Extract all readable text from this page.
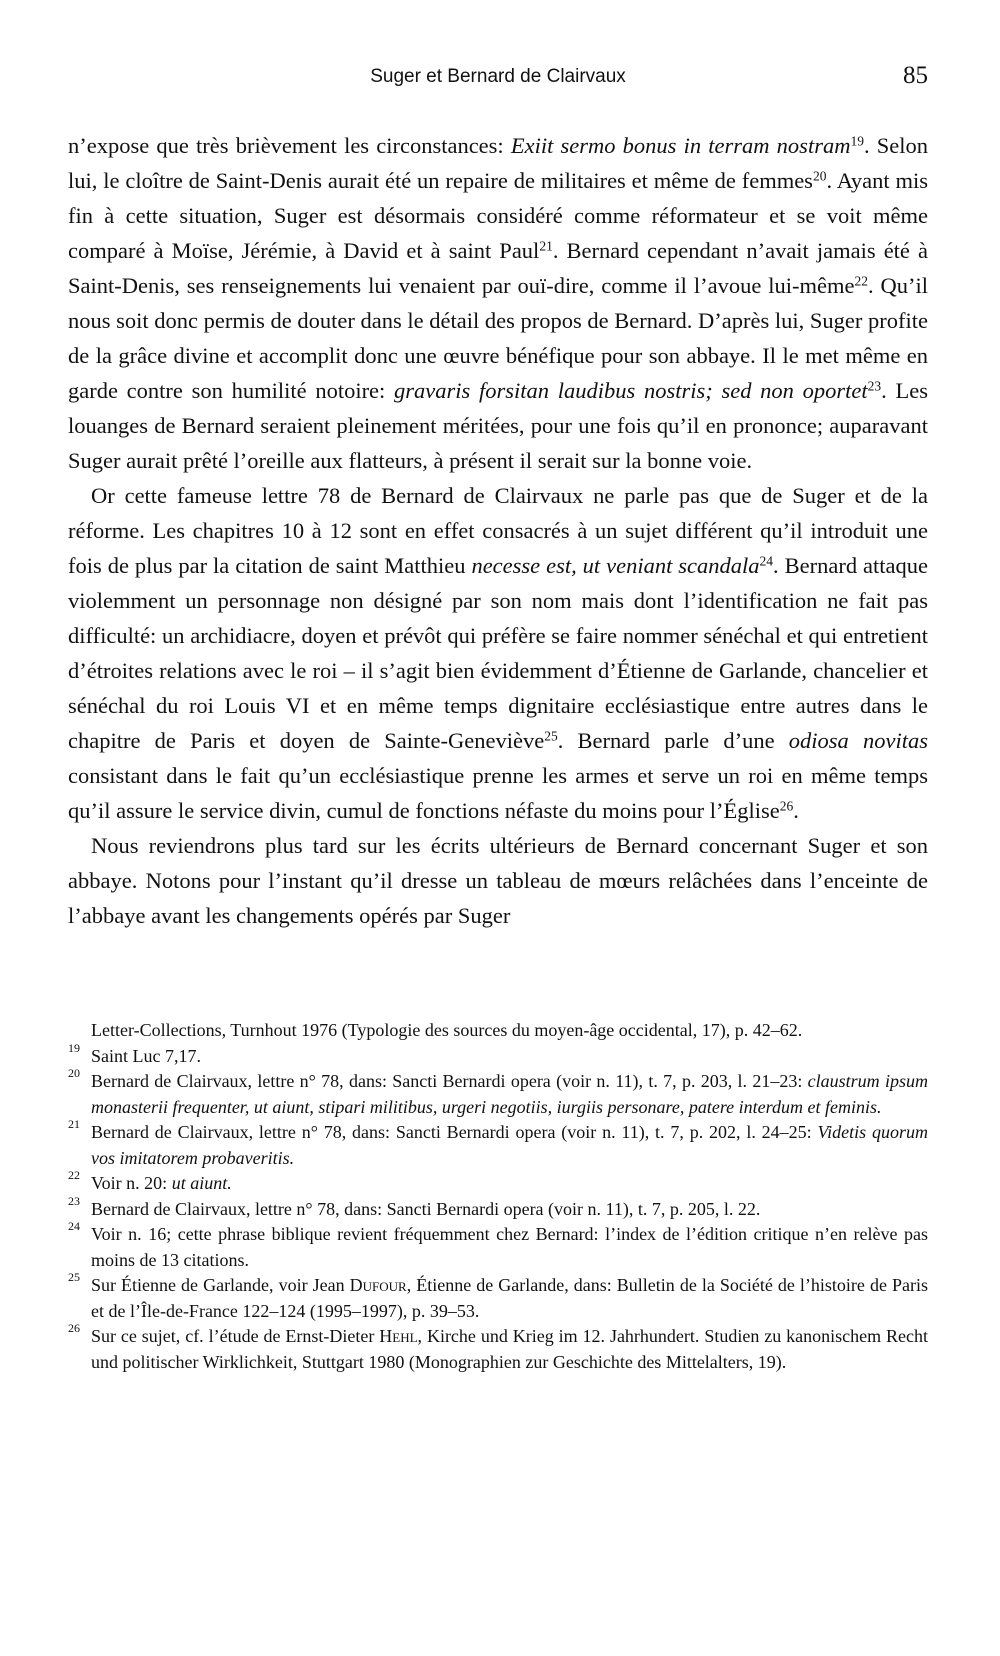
Suger et Bernard de Clairvaux	85

n’expose que très brièvement les circonstances: Exiit sermo bonus in terram nostram$^{19}$. Selon lui, le cloître de Saint-Denis aurait été un repaire de militaires et même de femmes$^{20}$. Ayant mis fin à cette situation, Suger est désormais considéré comme réformateur et se voit même comparé à Moïse, Jérémie, à David et à saint Paul$^{21}$. Bernard cependant n’avait jamais été à Saint-Denis, ses renseignements lui venaient par ouï-dire, comme il l’avoue lui-même$^{22}$. Qu’il nous soit donc permis de douter dans le détail des propos de Bernard. D’après lui, Suger profite de la grâce divine et accomplit donc une œuvre bénéfique pour son abbaye. Il le met même en garde contre son humilité notoire: gravaris forsitan laudibus nostris; sed non oportet$^{23}$. Les louanges de Bernard seraient pleinement méritées, pour une fois qu’il en prononce; auparavant Suger aurait prêté l’oreille aux flatteurs, à présent il serait sur la bonne voie.

Or cette fameuse lettre 78 de Bernard de Clairvaux ne parle pas que de Suger et de la réforme. Les chapitres 10 à 12 sont en effet consacrés à un sujet différent qu’il introduit une fois de plus par la citation de saint Matthieu necesse est, ut veniant scandala$^{24}$. Bernard attaque violemment un personnage non désigné par son nom mais dont l’identification ne fait pas difficulté: un archidiacre, doyen et prévôt qui préfère se faire nommer sénéchal et qui entretient d’étroites relations avec le roi – il s’agit bien évidemment d’Étienne de Garlande, chancelier et sénéchal du roi Louis VI et en même temps dignitaire ecclésiastique entre autres dans le chapitre de Paris et doyen de Sainte-Geneviève$^{25}$. Bernard parle d’une odiosa novitas consistant dans le fait qu’un ecclésiastique prenne les armes et serve un roi en même temps qu’il assure le service divin, cumul de fonctions néfaste du moins pour l’Église$^{26}$.

Nous reviendrons plus tard sur les écrits ultérieurs de Bernard concernant Suger et son abbaye. Notons pour l’instant qu’il dresse un tableau de mœurs relâchées dans l’enceinte de l’abbaye avant les changements opérés par Suger

Letter-Collections, Turnhout 1976 (Typologie des sources du moyen-âge occidental, 17), p. 42–62.

19 Saint Luc 7,17.

20 Bernard de Clairvaux, lettre n° 78, dans: Sancti Bernardi opera (voir n. 11), t. 7, p. 203, l. 21–23: claustrum ipsum monasterii frequenter, ut aiunt, stipari militibus, urgeri negotiis, iurgiis personare, patere interdum et feminis.

21 Bernard de Clairvaux, lettre n° 78, dans: Sancti Bernardi opera (voir n. 11), t. 7, p. 202, l. 24–25: Videtis quorum vos imitatorem probaveritis.

22 Voir n. 20: ut aiunt.

23 Bernard de Clairvaux, lettre n° 78, dans: Sancti Bernardi opera (voir n. 11), t. 7, p. 205, l. 22.

24 Voir n. 16; cette phrase biblique revient fréquemment chez Bernard: l’index de l’édition critique n’en relève pas moins de 13 citations.

25 Sur Étienne de Garlande, voir Jean Dufour, Étienne de Garlande, dans: Bulletin de la Société de l’histoire de Paris et de l’Île-de-France 122–124 (1995–1997), p. 39–53.

26 Sur ce sujet, cf. l’étude de Ernst-Dieter Hehl, Kirche und Krieg im 12. Jahrhundert. Studien zu kanonischem Recht und politischer Wirklichkeit, Stuttgart 1980 (Monographien zur Geschichte des Mittelalters, 19).
